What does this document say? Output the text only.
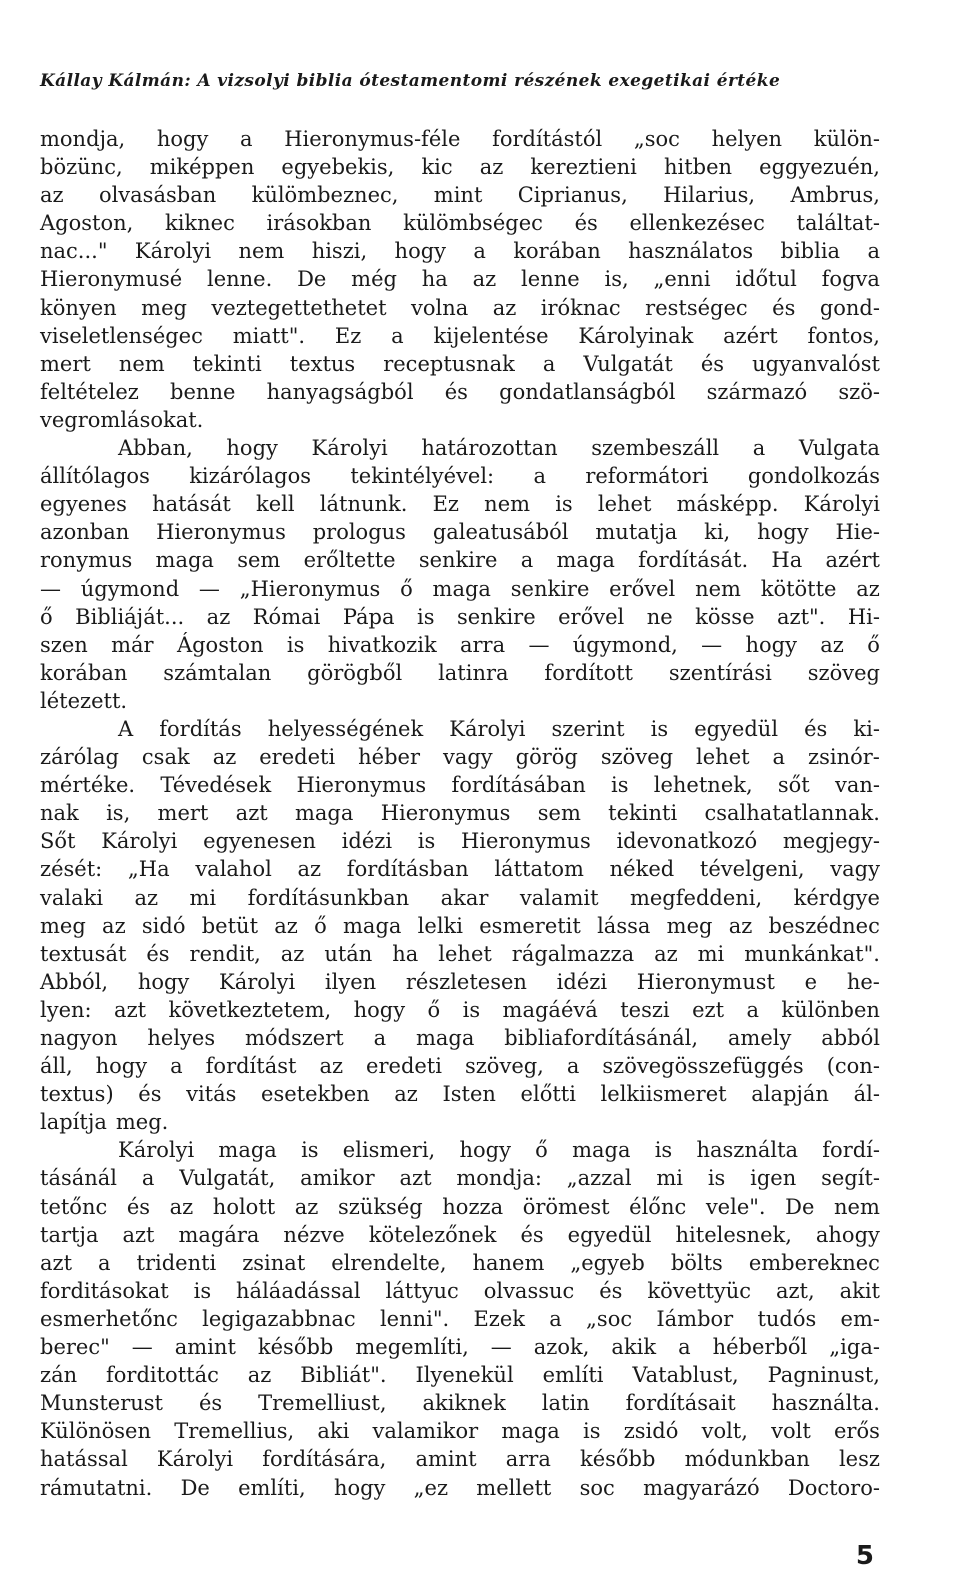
Kállay Kálmán: A vizsolyi biblia ótestamentomi részének exegetikai értéke
mondja, hogy a Hieronymus-féle fordítástól „soc helyen külön-
bözünc, miképpen egyebekis, kic az kereztieni hitben eggyezuén,
az olvasásban külömbeznec, mint Ciprianus, Hilarius, Ambrus,
Agoston, kiknec irásokban külömbségec és ellenkezésec találtat-
nac..." Károlyi nem hiszi, hogy a korában használatos biblia a
Hieronymusé lenne. De még ha az lenne is, „enni időtul fogva
könyen meg veztegettethetet volna az iróknac restségec és gond-
viseletlenségec miatt". Ez a kijelentése Károlyinak azért fontos,
mert nem tekinti textus receptusnak a Vulgatát és ugyanvalóst
feltételez benne hanyagságból és gondatlanságból származó szö-
vegromlásokat.
Abban, hogy Károlyi határozottan szembeszáll a Vulgata
állítólagos kizárólagos tekintélyével: a reformátori gondolkozás
egyenes hatását kell látnunk. Ez nem is lehet másképp. Károlyi
azonban Hieronymus prologus galeatusából mutatja ki, hogy Hie-
ronymus maga sem erőltette senkire a maga fordítását. Ha azért
— úgymond — „Hieronymus ő maga senkire erővel nem kötötte az
ő Bibliáját... az Római Pápa is senkire erővel ne kösse azt". Hi-
szen már Ágoston is hivatkozik arra — úgymond, — hogy az ő
korában számtalan görögből latinra fordított szentírási szöveg
létezett.
A fordítás helyességének Károlyi szerint is egyedül és ki-
zárólag csak az eredeti héber vagy görög szöveg lehet a zsinór-
mértéke. Tévedések Hieronymus fordításában is lehetnek, sőt van-
nak is, mert azt maga Hieronymus sem tekinti csalhatatlannak.
Sőt Károlyi egyenesen idézi is Hieronymus idevonatkozó megjegy-
zését: „Ha valahol az fordításban láttatom néked tévelgeni, vagy
valaki az mi fordításunkban akar valamit megfeddeni, kérdgye
meg az sidó betüt az ő maga lelki esmeretit lássa meg az beszédnec
textusát és rendit, az után ha lehet rágalmazza az mi munkánkat".
Abból, hogy Károlyi ilyen részletesen idézi Hieronymust e he-
lyen: azt következtetem, hogy ő is magáévá teszi ezt a különben
nagyon helyes módszert a maga bibliafordításánál, amely abból
áll, hogy a fordítást az eredeti szöveg, a szövegösszefüggés (con-
textus) és vitás esetekben az Isten előtti lelkiismeret alapján ál-
lapítja meg.
Károlyi maga is elismeri, hogy ő maga is használta fordí-
tásánál a Vulgatát, amikor azt mondja: „azzal mi is igen segít-
tetőnc és az holott az szükség hozza örömest élőnc vele". De nem
tartja azt magára nézve kötelezőnek és egyedül hitelesnek, ahogy
azt a tridenti zsinat elrendelte, hanem „egyeb bölts embereknec
forditásokat is háláadással láttyuc olvassuc és követtyüc azt, akit
esmerhetőnc legigazabbnac lenni". Ezek a „soc Iámbor tudós em-
berec" — amint később megemlíti, — azok, akik a héberből „iga-
zán forditottác az Bibliát". Ilyenekül említi Vatablust, Pagninust,
Munsterust és Tremelliust, akiknek latin fordításait használta.
Különösen Tremellius, aki valamikor maga is zsidó volt, volt erős
hatással Károlyi fordítására, amint arra később módunkban lesz
rámutatni. De említi, hogy „ez mellett soc magyarázó Doctoro-
5
